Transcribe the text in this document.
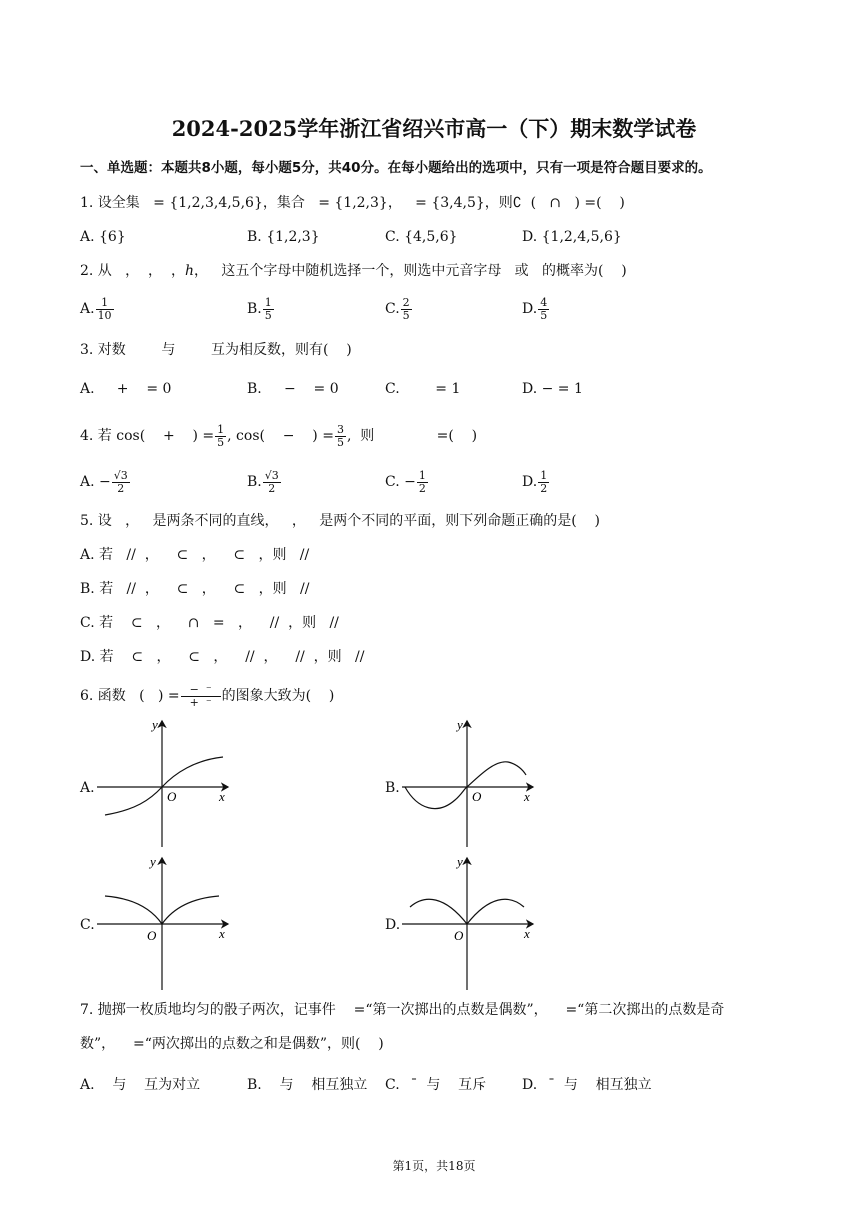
2024-2025学年浙江省绍兴市高一（下）期末数学试卷
一、单选题：本题共8小题，每小题5分，共40分。在每小题给出的选项中，只有一项是符合题目要求的。
1. 设全集   = {1,2,3,4,5,6}，集合   = {1,2,3}，   = {3,4,5}，则∁  (   ∩   ) =(    )
A. {6}	B. {1,2,3}	C. {4,5,6}	D. {1,2,4,5,6}
2. 从   ，  ，  ，ℎ，   这五个字母中随机选择一个，则选中元音字母   或   的概率为(    )
A. $\frac{1}{10}$	B. $\frac{1}{5}$	C. $\frac{2}{5}$	D. $\frac{4}{5}$
3. 对数        与        互为相反数，则有(    )
A.     +    = 0	B.     −    = 0	C.        = 1	D. − = 1
4. 若 cos(    +    ) = $\frac{1}{5}$ , cos(    −    ) = $\frac{3}{5}$ ,  则              =(    )
A. − $\frac{√3}{2}$	B. $\frac{√3}{2}$	C. − $\frac{1}{2}$	D. $\frac{1}{2}$
5. 设   ，   是两条不同的直线，   ，   是两个不同的平面，则下列命题正确的是(    )
A. 若   //  ，    ⊂   ，    ⊂   ，则   //
B. 若   //  ，    ⊂   ，    ⊂   ，则   //
C. 若    ⊂   ，    ∩   =   ，    //  ，则   //
D. 若    ⊂   ，    ⊂   ，    //  ，    //  ，则   //
6. 函数   (   ) = $\frac{- ^-}{+ ^-}$ 的图象大致为(    )
A.	B.
C.	D.
y
x
O
y
x
O
y
x
O
y
x
O
7. 抛掷一枚质地均匀的骰子两次，记事件    =“第一次掷出的点数是偶数”，    =“第二次掷出的点数是奇
数”，    =“两次掷出的点数之和是偶数”，则(    )
A.    与    互为对立	B.    与    相互独立 C.    ̄  与    互斥	D.    ̄  与    相互独立
第1页，共18页
